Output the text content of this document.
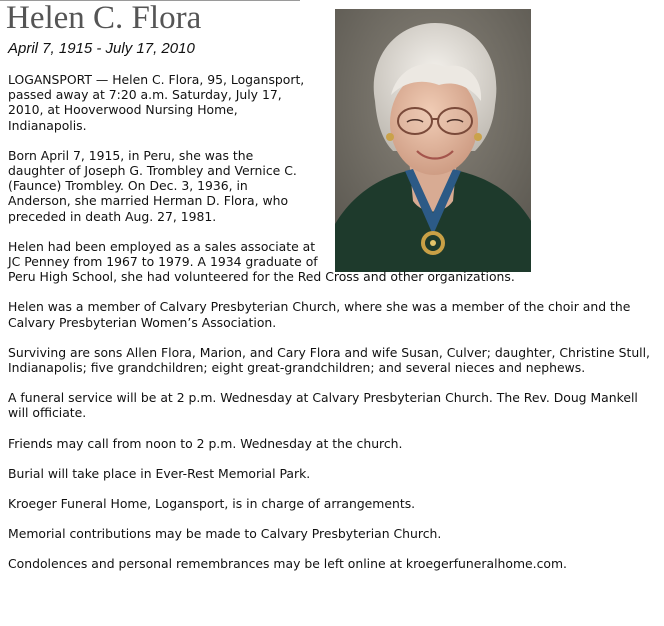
Helen C. Flora
April 7, 1915 - July 17, 2010

LOGANSPORT — Helen C. Flora, 95, Logansport, passed away at 7:20 a.m. Saturday, July 17, 2010, at Hooverwood Nursing Home, Indianapolis.

Born April 7, 1915, in Peru, she was the daughter of Joseph G. Trombley and Vernice C. (Faunce) Trombley. On Dec. 3, 1936, in Anderson, she married Herman D. Flora, who preceded in death Aug. 27, 1981.

Helen had been employed as a sales associate at JC Penney from 1967 to 1979. A 1934 graduate of Peru High School, she had volunteered for the Red Cross and other organizations.

Helen was a member of Calvary Presbyterian Church, where she was a member of the choir and the Calvary Presbyterian Women’s Association.

Surviving are sons Allen Flora, Marion, and Cary Flora and wife Susan, Culver; daughter, Christine Stull, Indianapolis; five grandchildren; eight great-grandchildren; and several nieces and nephews.

A funeral service will be at 2 p.m. Wednesday at Calvary Presbyterian Church. The Rev. Doug Mankell will officiate.

Friends may call from noon to 2 p.m. Wednesday at the church.

Burial will take place in Ever-Rest Memorial Park.

Kroeger Funeral Home, Logansport, is in charge of arrangements.

Memorial contributions may be made to Calvary Presbyterian Church.

Condolences and personal remembrances may be left online at kroegerfuneralhome.com.
